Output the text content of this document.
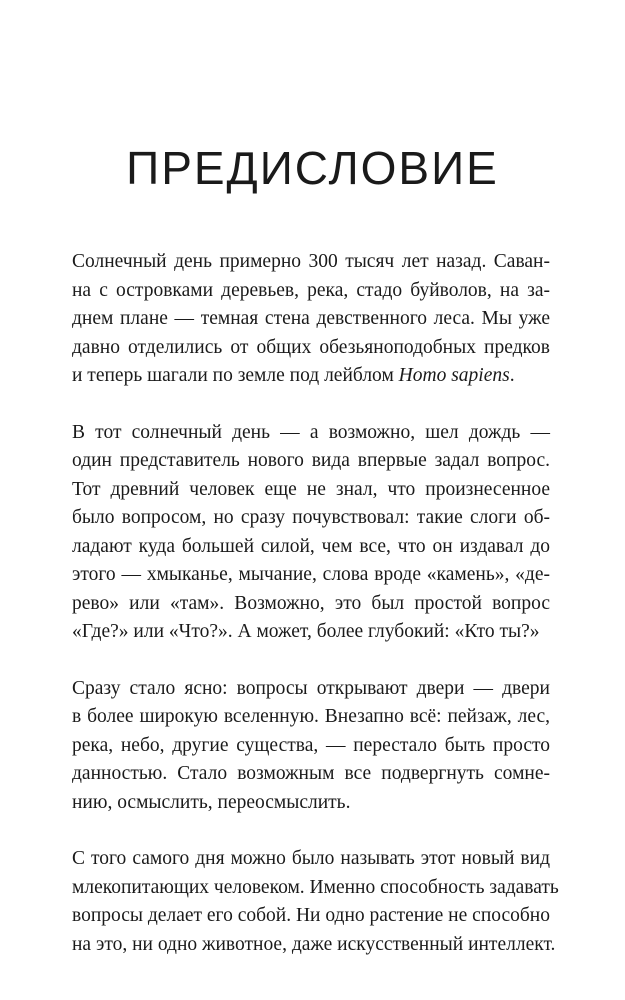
ПРЕДИСЛОВИЕ

Солнечный день примерно 300 тысяч лет назад. Саван-
на с островками деревьев, река, стадо буйволов, на за-
днем плане — темная стена девственного леса. Мы уже
давно отделились от общих обезьяноподобных предков
и теперь шагали по земле под лейблом Homo sapiens.

В тот солнечный день — а возможно, шел дождь —
один представитель нового вида впервые задал вопрос.
Тот древний человек еще не знал, что произнесенное
было вопросом, но сразу почувствовал: такие слоги об-
ладают куда большей силой, чем все, что он издавал до
этого — хмыканье, мычание, слова вроде «камень», «де-
рево» или «там». Возможно, это был простой вопрос
«Где?» или «Что?». А может, более глубокий: «Кто ты?»

Сразу стало ясно: вопросы открывают двери — двери
в более широкую вселенную. Внезапно всё: пейзаж, лес,
река, небо, другие существа, — перестало быть просто
данностью. Стало возможным все подвергнуть сомне-
нию, осмыслить, переосмыслить.

С того самого дня можно было называть этот новый вид
млекопитающих человеком. Именно способность задавать
вопросы делает его собой. Ни одно растение не способно
на это, ни одно животное, даже искусственный интеллект.
